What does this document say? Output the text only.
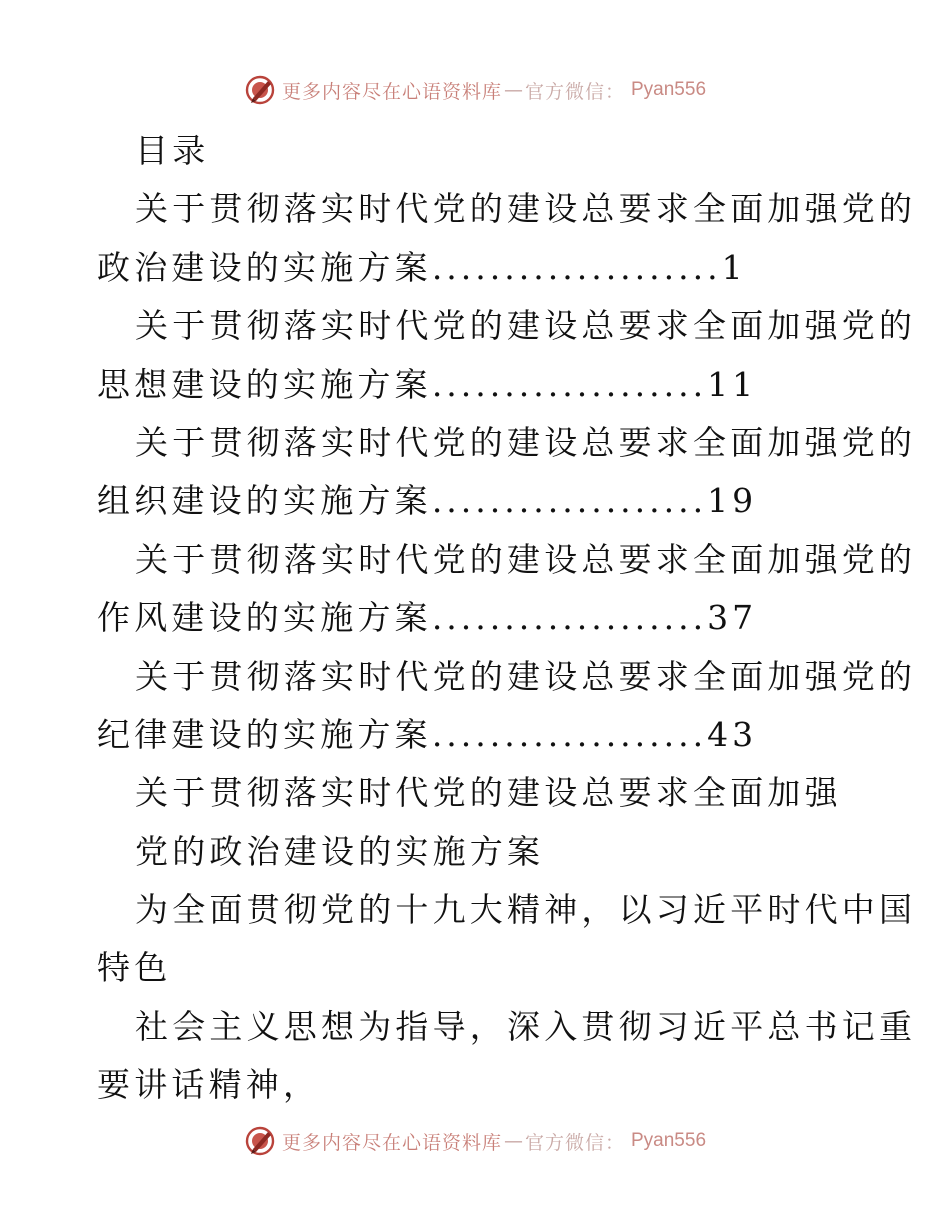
更多内容尽在心语资料库 — 官方微信： Pyan556
目录
关于贯彻落实时代党的建设总要求全面加强党的
政治建设的实施方案....................1
关于贯彻落实时代党的建设总要求全面加强党的
思想建设的实施方案...................11
关于贯彻落实时代党的建设总要求全面加强党的
组织建设的实施方案...................19
关于贯彻落实时代党的建设总要求全面加强党的
作风建设的实施方案...................37
关于贯彻落实时代党的建设总要求全面加强党的
纪律建设的实施方案...................43
关于贯彻落实时代党的建设总要求全面加强
党的政治建设的实施方案
为全面贯彻党的十九大精神，以习近平时代中国
特色
社会主义思想为指导，深入贯彻习近平总书记重
要讲话精神，
更多内容尽在心语资料库 — 官方微信： Pyan556
